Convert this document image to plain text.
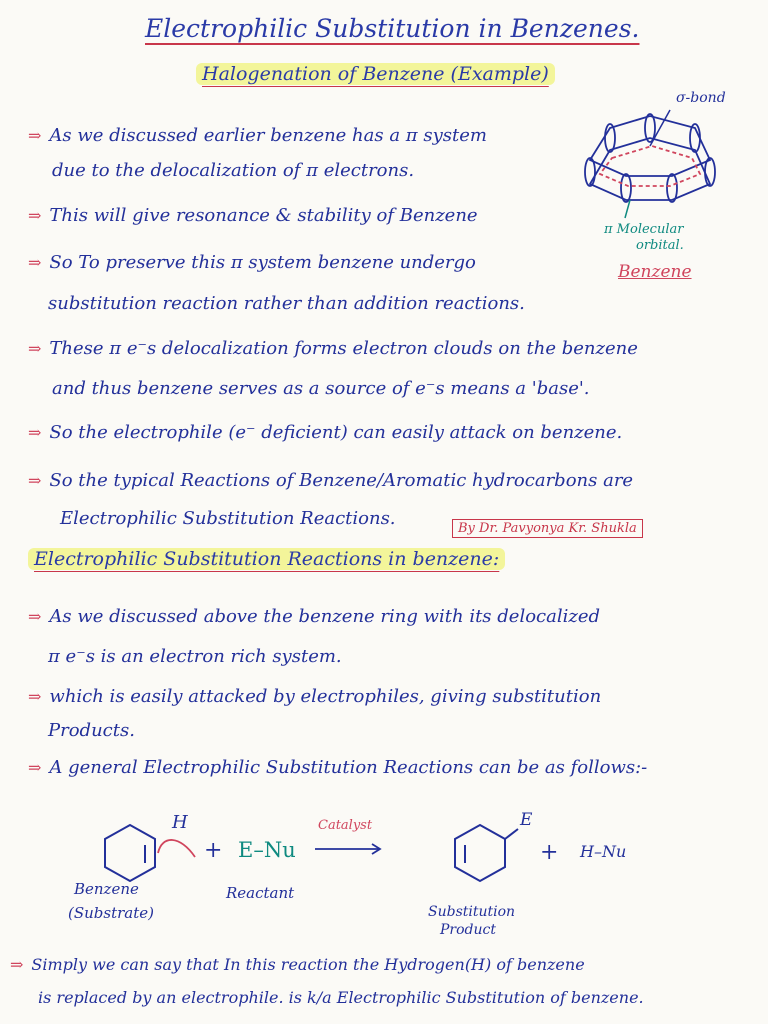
Electrophilic Substitution in Benzenes.
Halogenation of Benzene (Example)
σ-bond
π Molecular
orbital.
Benzene
⇒ As we discussed earlier benzene has a π system
due to the delocalization of π electrons.
⇒ This will give resonance & stability of Benzene
⇒ So To preserve this π system benzene undergo
substitution reaction rather than addition reactions.
⇒ These π e⁻s delocalization forms electron clouds on the benzene
and thus benzene serves as a source of e⁻s means a 'base'.
⇒ So the electrophile (e⁻ deficient) can easily attack on benzene.
⇒ So the typical Reactions of Benzene/Aromatic hydrocarbons are
Electrophilic Substitution Reactions.	By Dr. Pavyonya Kr. Shukla
Electrophilic Substitution Reactions in benzene:
⇒ As we discussed above the benzene ring with its delocalized
π e⁻s is an electron rich system.
⇒ which is easily attacked by electrophiles, giving substitution
Products.
⇒ A general Electrophilic Substitution Reactions can be as follows:-
H
+ E–Nu
Catalyst	E
+ H–Nu
Benzene
(Substrate)
Reactant
Substitution
Product
⇒ Simply we can say that In this reaction the Hydrogen(H) of benzene
is replaced by an electrophile. is k/a Electrophilic Substitution of benzene.
